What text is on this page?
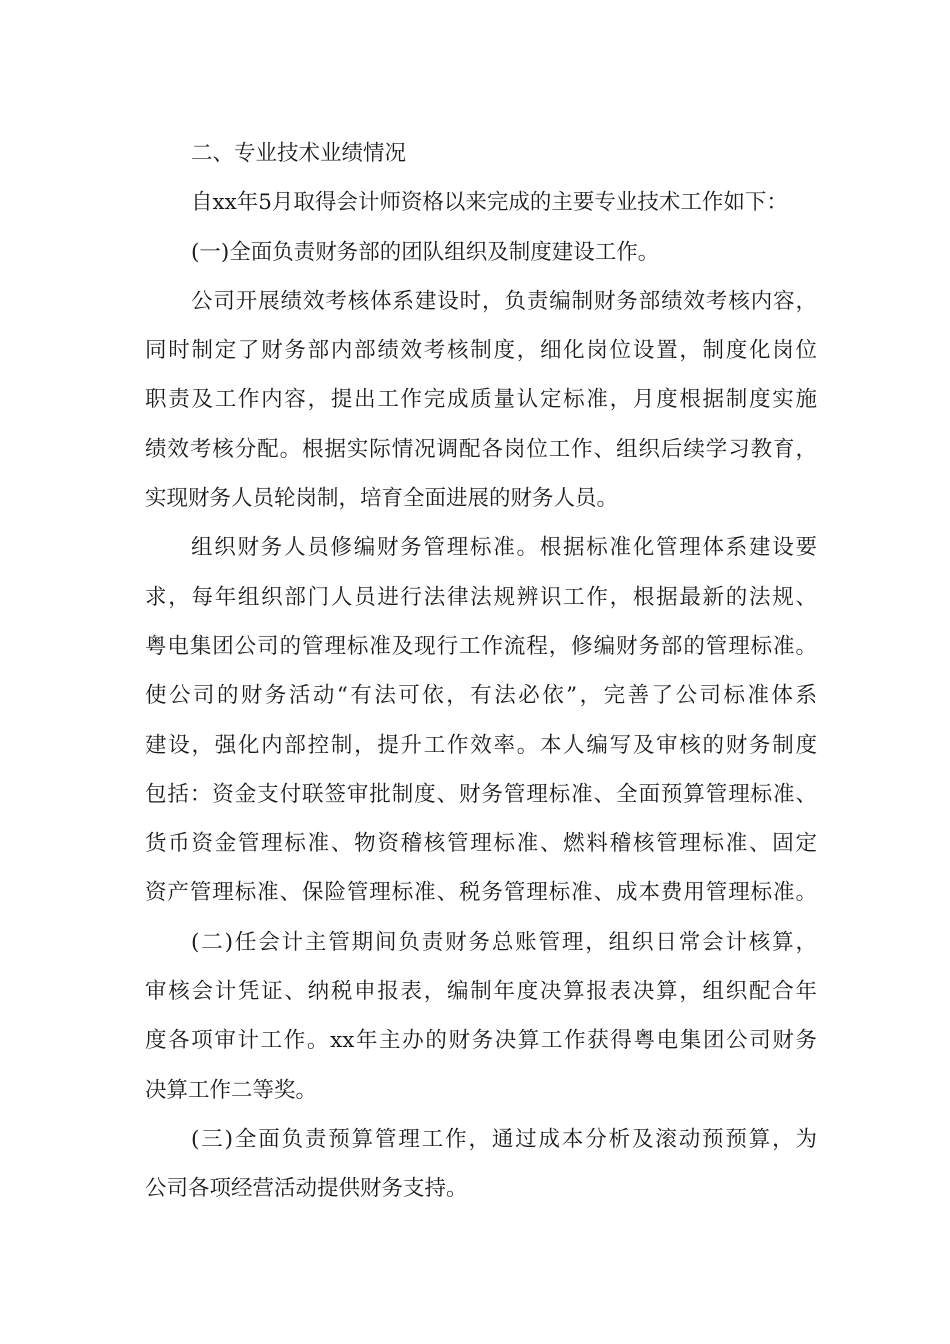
二、专业技术业绩情况
自xx年5月取得会计师资格以来完成的主要专业技术工作如下：
(一)全面负责财务部的团队组织及制度建设工作。
公司开展绩效考核体系建设时，负责编制财务部绩效考核内容，
同时制定了财务部内部绩效考核制度，细化岗位设置，制度化岗位
职责及工作内容，提出工作完成质量认定标准，月度根据制度实施
绩效考核分配。根据实际情况调配各岗位工作、组织后续学习教育，
实现财务人员轮岗制，培育全面进展的财务人员。
组织财务人员修编财务管理标准。根据标准化管理体系建设要
求，每年组织部门人员进行法律法规辨识工作，根据最新的法规、
粤电集团公司的管理标准及现行工作流程，修编财务部的管理标准。
使公司的财务活动“有法可依，有法必依”，完善了公司标准体系
建设，强化内部控制，提升工作效率。本人编写及审核的财务制度
包括：资金支付联签审批制度、财务管理标准、全面预算管理标准、
货币资金管理标准、物资稽核管理标准、燃料稽核管理标准、固定
资产管理标准、保险管理标准、税务管理标准、成本费用管理标准。
(二)任会计主管期间负责财务总账管理，组织日常会计核算，
审核会计凭证、纳税申报表，编制年度决算报表决算，组织配合年
度各项审计工作。xx年主办的财务决算工作获得粤电集团公司财务
决算工作二等奖。
(三)全面负责预算管理工作，通过成本分析及滚动预预算，为
公司各项经营活动提供财务支持。
